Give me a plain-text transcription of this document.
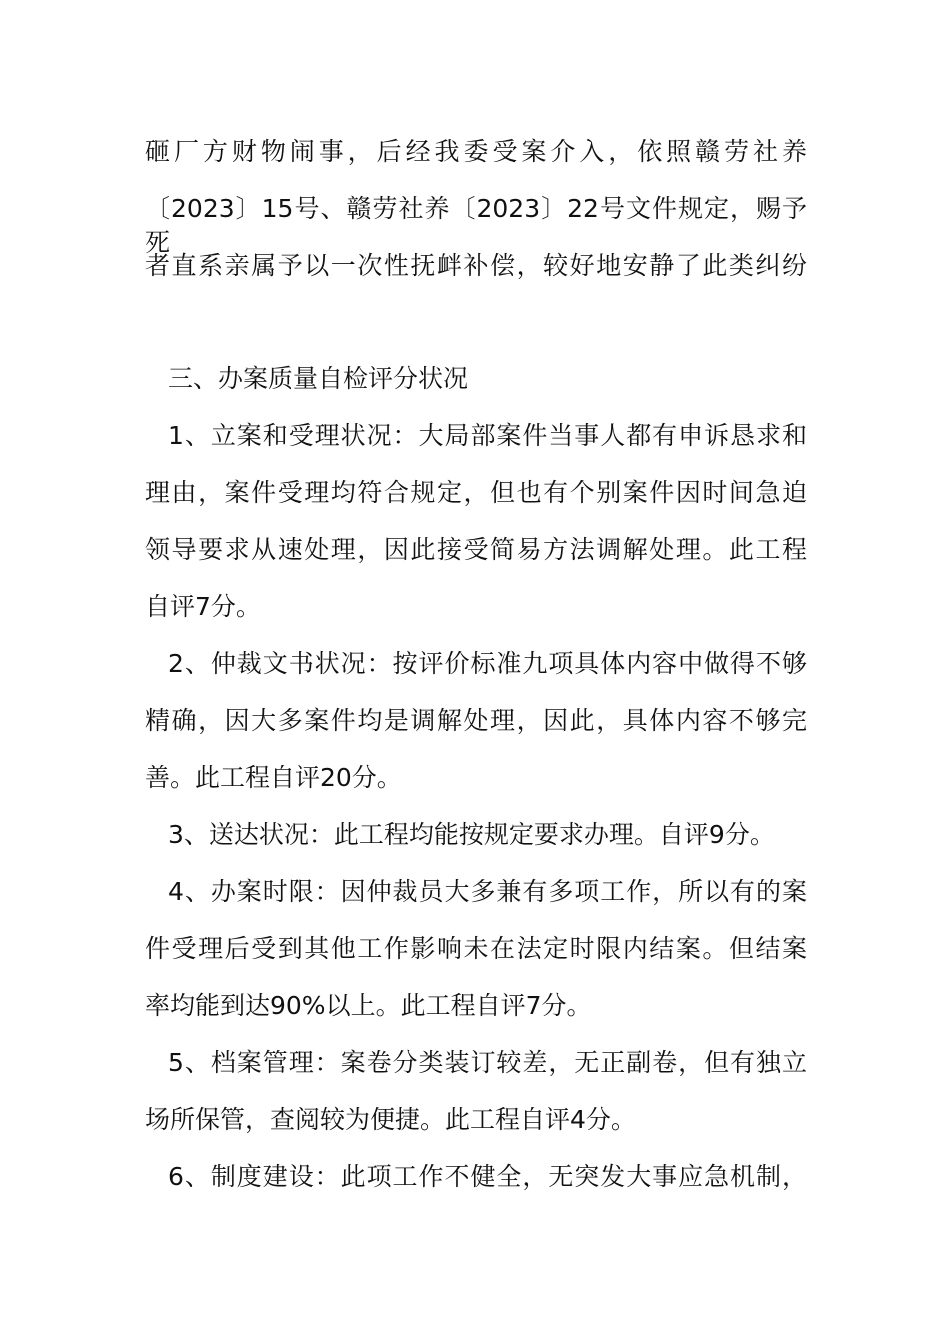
砸厂方财物闹事，后经我委受案介入，依照赣劳社养
〔2023〕15号、赣劳社养〔2023〕22号文件规定，赐予死
者直系亲属予以一次性抚衅补偿，较好地安静了此类纠纷
三、办案质量自检评分状况
1、立案和受理状况：大局部案件当事人都有申诉恳求和
理由，案件受理均符合规定，但也有个别案件因时间急迫
领导要求从速处理，因此接受简易方法调解处理。此工程
自评7分。
2、仲裁文书状况：按评价标准九项具体内容中做得不够
精确，因大多案件均是调解处理，因此，具体内容不够完
善。此工程自评20分。
3、送达状况：此工程均能按规定要求办理。自评9分。
4、办案时限：因仲裁员大多兼有多项工作，所以有的案
件受理后受到其他工作影响未在法定时限内结案。但结案
率均能到达90%以上。此工程自评7分。
5、档案管理：案卷分类装订较差，无正副卷，但有独立
场所保管，查阅较为便捷。此工程自评4分。
6、制度建设：此项工作不健全，无突发大事应急机制，
